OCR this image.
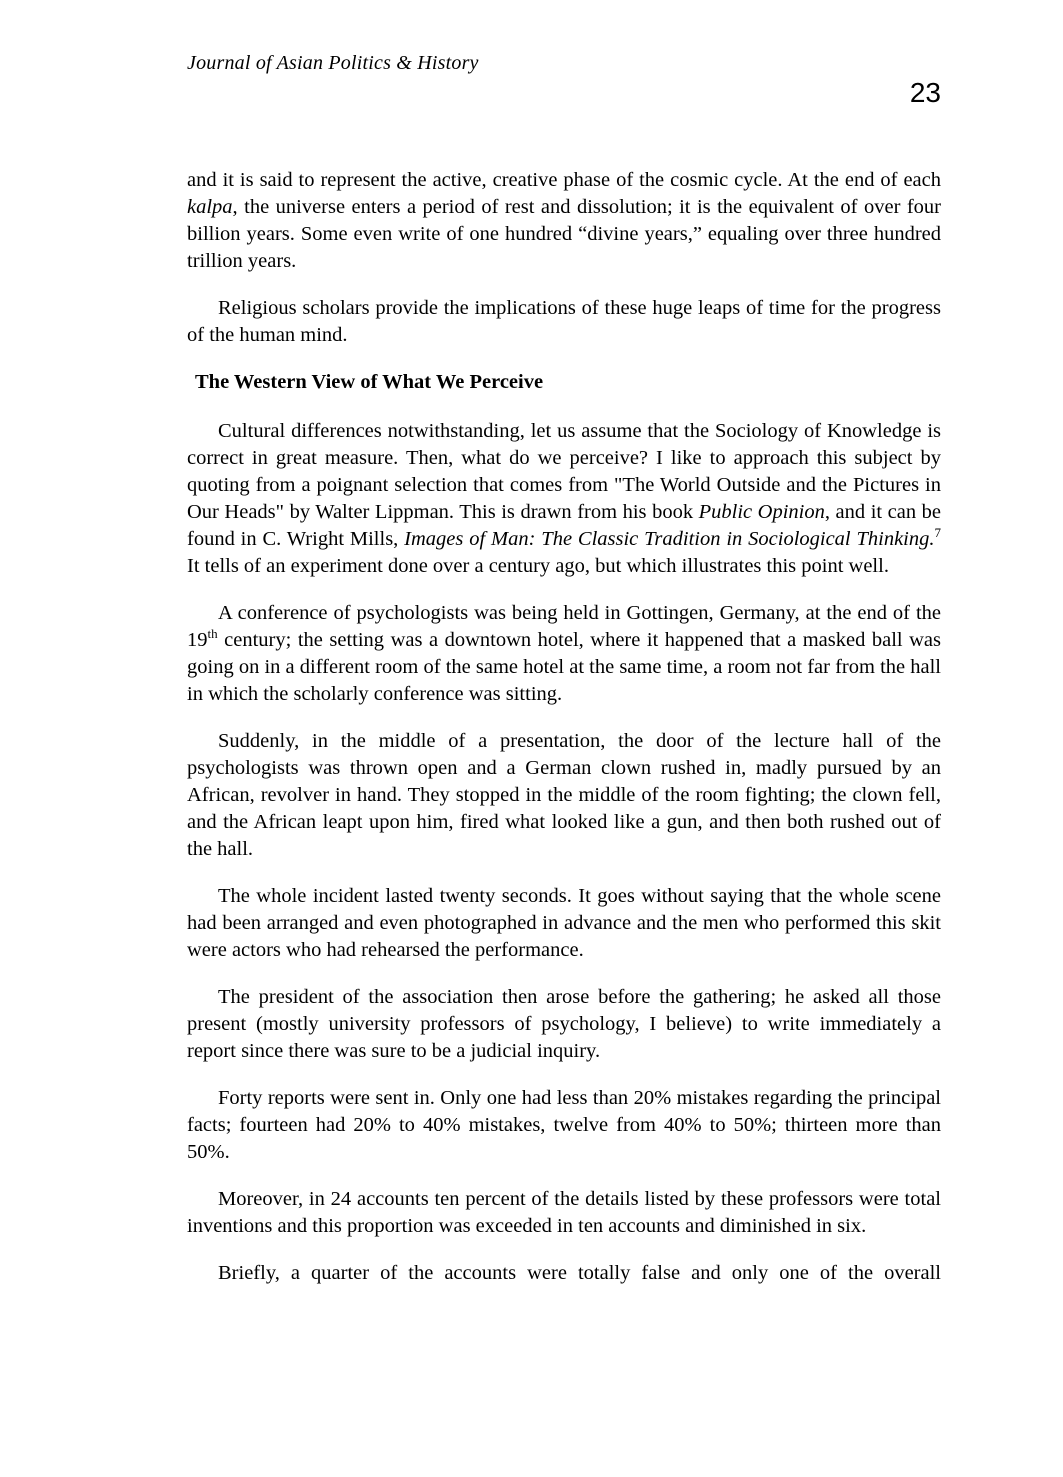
Journal of Asian Politics & History
23

and it is said to represent the active, creative phase of the cosmic cycle. At the end of each kalpa, the universe enters a period of rest and dissolution; it is the equivalent of over four billion years. Some even write of one hundred “divine years,” equaling over three hundred trillion years.

Religious scholars provide the implications of these huge leaps of time for the progress of the human mind.

The Western View of What We Perceive

Cultural differences notwithstanding, let us assume that the Sociology of Knowledge is correct in great measure. Then, what do we perceive? I like to approach this subject by quoting from a poignant selection that comes from "The World Outside and the Pictures in Our Heads" by Walter Lippman. This is drawn from his book Public Opinion, and it can be found in C. Wright Mills, Images of Man: The Classic Tradition in Sociological Thinking.$^7$ It tells of an experiment done over a century ago, but which illustrates this point well.

A conference of psychologists was being held in Gottingen, Germany, at the end of the 19th century; the setting was a downtown hotel, where it happened that a masked ball was going on in a different room of the same hotel at the same time, a room not far from the hall in which the scholarly conference was sitting.

Suddenly, in the middle of a presentation, the door of the lecture hall of the psychologists was thrown open and a German clown rushed in, madly pursued by an African, revolver in hand. They stopped in the middle of the room fighting; the clown fell, and the African leapt upon him, fired what looked like a gun, and then both rushed out of the hall.

The whole incident lasted twenty seconds. It goes without saying that the whole scene had been arranged and even photographed in advance and the men who performed this skit were actors who had rehearsed the performance.

The president of the association then arose before the gathering; he asked all those present (mostly university professors of psychology, I believe) to write immediately a report since there was sure to be a judicial inquiry.

Forty reports were sent in. Only one had less than 20% mistakes regarding the principal facts; fourteen had 20% to 40% mistakes, twelve from 40% to 50%; thirteen more than 50%.

Moreover, in 24 accounts ten percent of the details listed by these professors were total inventions and this proportion was exceeded in ten accounts and diminished in six.

Briefly, a quarter of the accounts were totally false and only one of the overall
